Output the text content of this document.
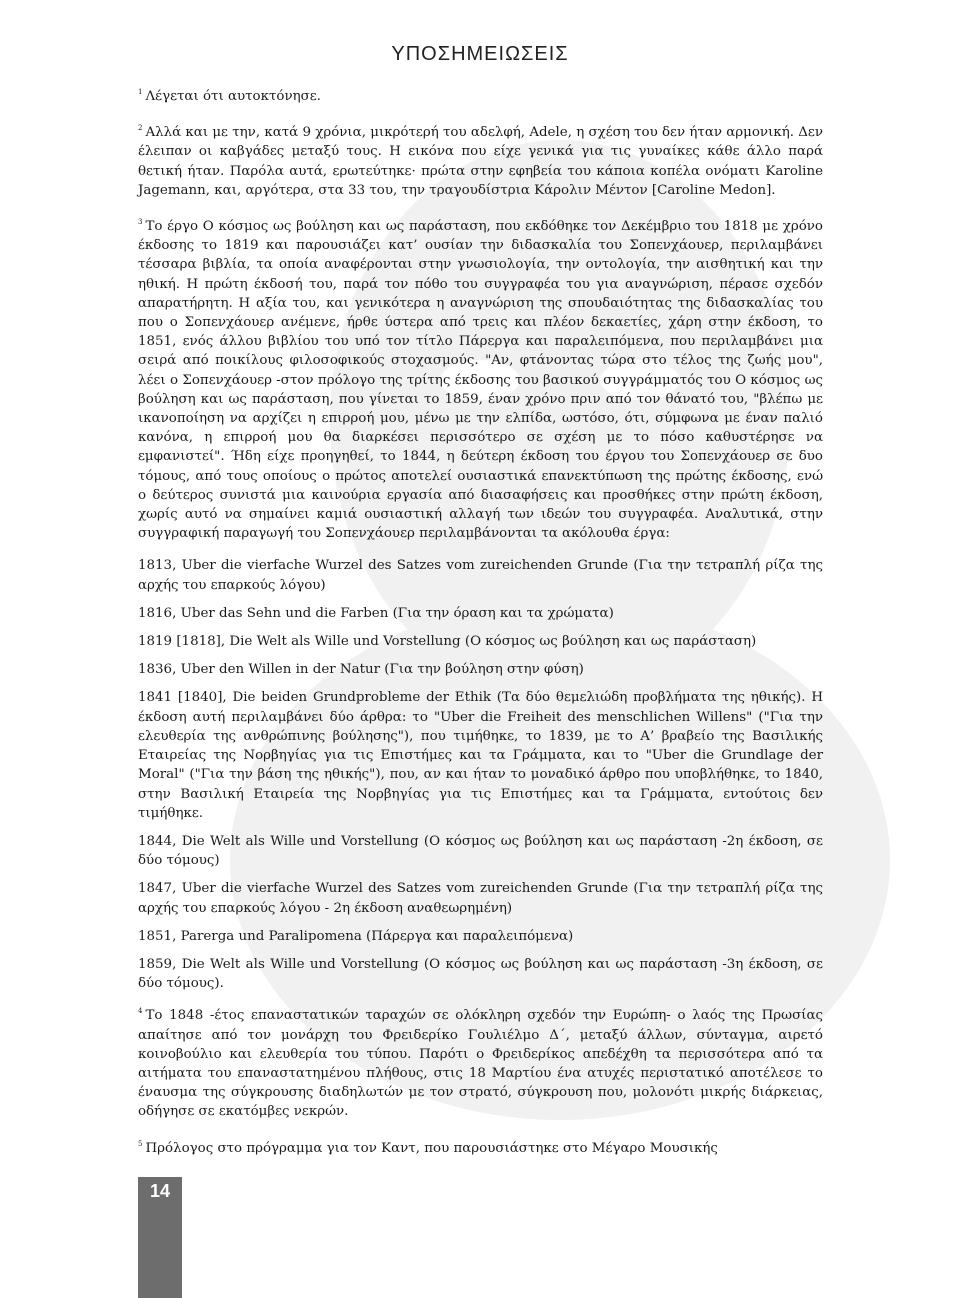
ΥΠΟΣΗΜΕΙΩΣΕΙΣ

$^1$ Λέγεται ότι αυτοκτόνησε.

$^2$ Αλλά και με την, κατά 9 χρόνια, μικρότερή του αδελφή, Adele, η σχέση του δεν ήταν αρμονική. Δεν έλειπαν οι καβγάδες μεταξύ τους. Η εικόνα που είχε γενικά για τις γυναίκες κάθε άλλο παρά θετική ήταν. Παρόλα αυτά, ερωτεύτηκε· πρώτα στην εφηβεία του κάποια κοπέλα ονόματι Karoline Jagemann, και, αργότερα, στα 33 του, την τραγουδίστρια Κάρολιν Μέντον [Caroline Medon].

$^3$ Το έργο Ο κόσμος ως βούληση και ως παράσταση, που εκδόθηκε τον Δεκέμβριο του 1818 με χρόνο έκδοσης το 1819 και παρουσιάζει κατ’ ουσίαν την διδασκαλία του Σοπενχάουερ, περιλαμβάνει τέσσαρα βιβλία, τα οποία αναφέρονται στην γνωσιολογία, την οντολογία, την αισθητική και την ηθική. Η πρώτη έκδοσή του, παρά τον πόθο του συγγραφέα του για αναγνώριση, πέρασε σχεδόν απαρατήρητη. Η αξία του, και γενικότερα η αναγνώριση της σπουδαιότητας της διδασκαλίας του που ο Σοπενχάουερ ανέμενε, ήρθε ύστερα από τρεις και πλέον δεκαετίες, χάρη στην έκδοση, το 1851, ενός άλλου βιβλίου του υπό τον τίτλο Πάρεργα και παραλειπόμενα, που περιλαμβάνει μια σειρά από ποικίλους φιλοσοφικούς στοχασμούς. "Αν, φτάνοντας τώρα στο τέλος της ζωής μου", λέει ο Σοπενχάουερ -στον πρόλογο της τρίτης έκδοσης του βασικού συγγράμματός του Ο κόσμος ως βούληση και ως παράσταση, που γίνεται το 1859, έναν χρόνο πριν από τον θάνατό του, "βλέπω με ικανοποίηση να αρχίζει η επιρροή μου, μένω με την ελπίδα, ωστόσο, ότι, σύμφωνα με έναν παλιό κανόνα, η επιρροή μου θα διαρκέσει περισσότερο σε σχέση με το πόσο καθυστέρησε να εμφανιστεί". Ήδη είχε προηγηθεί, το 1844, η δεύτερη έκδοση του έργου του Σοπενχάουερ σε δυο τόμους, από τους οποίους ο πρώτος αποτελεί ουσιαστικά επανεκτύπωση της πρώτης έκδοσης, ενώ ο δεύτερος συνιστά μια καινούρια εργασία από διασαφήσεις και προσθήκες στην πρώτη έκδοση, χωρίς αυτό να σημαίνει καμιά ουσιαστική αλλαγή των ιδεών του συγγραφέα. Αναλυτικά, στην συγγραφική παραγωγή του Σοπενχάουερ περιλαμβάνονται τα ακόλουθα έργα:

1813, Uber die vierfache Wurzel des Satzes vom zureichenden Grunde (Για την τετραπλή ρίζα της αρχής του επαρκούς λόγου)

1816, Uber das Sehn und die Farben (Για την όραση και τα χρώματα)

1819 [1818], Die Welt als Wille und Vorstellung (Ο κόσμος ως βούληση και ως παράσταση)

1836, Uber den Willen in der Natur (Για την βούληση στην φύση)

1841 [1840], Die beiden Grundprobleme der Ethik (Τα δύο θεμελιώδη προβλήματα της ηθικής). Η έκδοση αυτή περιλαμβάνει δύο άρθρα: το "Uber die Freiheit des menschlichen Willens" ("Για την ελευθερία της ανθρώπινης βούλησης"), που τιμήθηκε, το 1839, με το Α’ βραβείο της Βασιλικής Εταιρείας της Νορβηγίας για τις Επιστήμες και τα Γράμματα, και το "Uber die Grundlage der Moral" ("Για την βάση της ηθικής"), που, αν και ήταν το μοναδικό άρθρο που υποβλήθηκε, το 1840, στην Βασιλική Εταιρεία της Νορβηγίας για τις Επιστήμες και τα Γράμματα, εντούτοις δεν τιμήθηκε.

1844, Die Welt als Wille und Vorstellung (Ο κόσμος ως βούληση και ως παράσταση -2η έκδοση, σε δύο τόμους)

1847, Uber die vierfache Wurzel des Satzes vom zureichenden Grunde (Για την τετραπλή ρίζα της αρχής του επαρκούς λόγου - 2η έκδοση αναθεωρημένη)

1851, Parerga und Paralipomena (Πάρεργα και παραλειπόμενα)

1859, Die Welt als Wille und Vorstellung (Ο κόσμος ως βούληση και ως παράσταση -3η έκδοση, σε δύο τόμους).

$^4$ Το 1848 -έτος επαναστατικών ταραχών σε ολόκληρη σχεδόν την Ευρώπη- ο λαός της Πρωσίας απαίτησε από τον μονάρχη του Φρειδερίκο Γουλιέλμο Δ΄, μεταξύ άλλων, σύνταγμα, αιρετό κοινοβούλιο και ελευθερία του τύπου. Παρότι ο Φρειδερίκος απεδέχθη τα περισσότερα από τα αιτήματα του επαναστατημένου πλήθους, στις 18 Μαρτίου ένα ατυχές περιστατικό αποτέλεσε το έναυσμα της σύγκρουσης διαδηλωτών με τον στρατό, σύγκρουση που, μολονότι μικρής διάρκειας, οδήγησε σε εκατόμβες νεκρών.

$^5$ Πρόλογος στο πρόγραμμα για τον Καντ, που παρουσιάστηκε στο Μέγαρο Μουσικής

14
